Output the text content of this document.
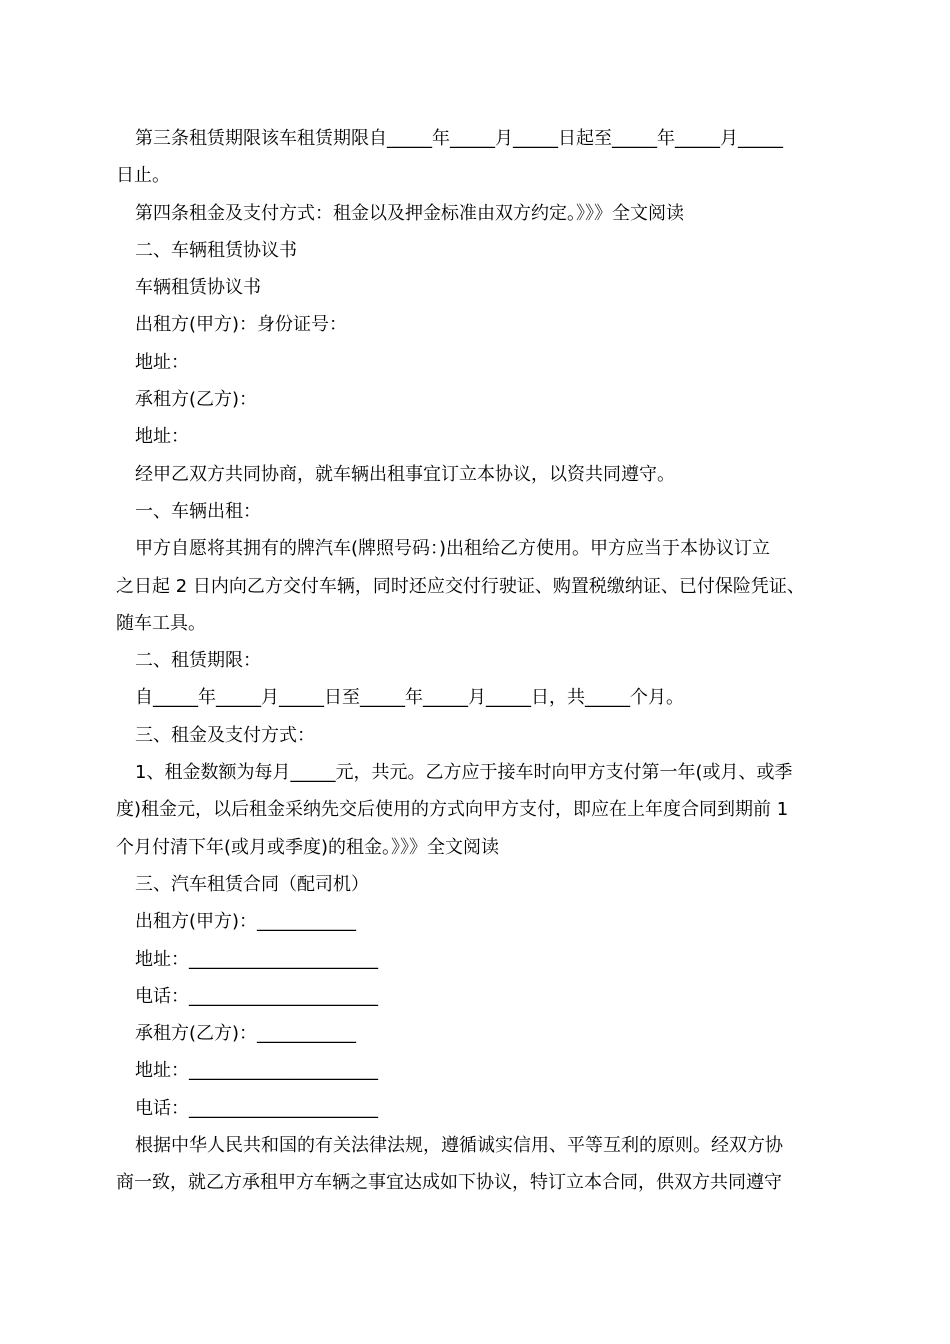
第三条租赁期限该车租赁期限自_____年_____月_____日起至_____年_____月_____
日止。
第四条租金及支付方式：租金以及押金标准由双方约定。》》》全文阅读
二、车辆租赁协议书
车辆租赁协议书
出租方(甲方)：身份证号：
地址：
承租方(乙方)：
地址：
经甲乙双方共同协商，就车辆出租事宜订立本协议，以资共同遵守。
一、车辆出租：
甲方自愿将其拥有的牌汽车(牌照号码：)出租给乙方使用。甲方应当于本协议订立
之日起 2 日内向乙方交付车辆，同时还应交付行驶证、购置税缴纳证、已付保险凭证、
随车工具。
二、租赁期限：
自_____年_____月_____日至_____年_____月_____日，共_____个月。
三、租金及支付方式：
1、租金数额为每月_____元，共元。乙方应于接车时向甲方支付第一年(或月、或季
度)租金元，以后租金采纳先交后使用的方式向甲方支付，即应在上年度合同到期前 1
个月付清下年(或月或季度)的租金。》》》全文阅读
三、汽车租赁合同（配司机）
出租方(甲方)：___________
地址：_____________________
电话：_____________________
承租方(乙方)：___________
地址：_____________________
电话：_____________________
根据中华人民共和国的有关法律法规，遵循诚实信用、平等互利的原则。经双方协
商一致，就乙方承租甲方车辆之事宜达成如下协议，特订立本合同，供双方共同遵守
